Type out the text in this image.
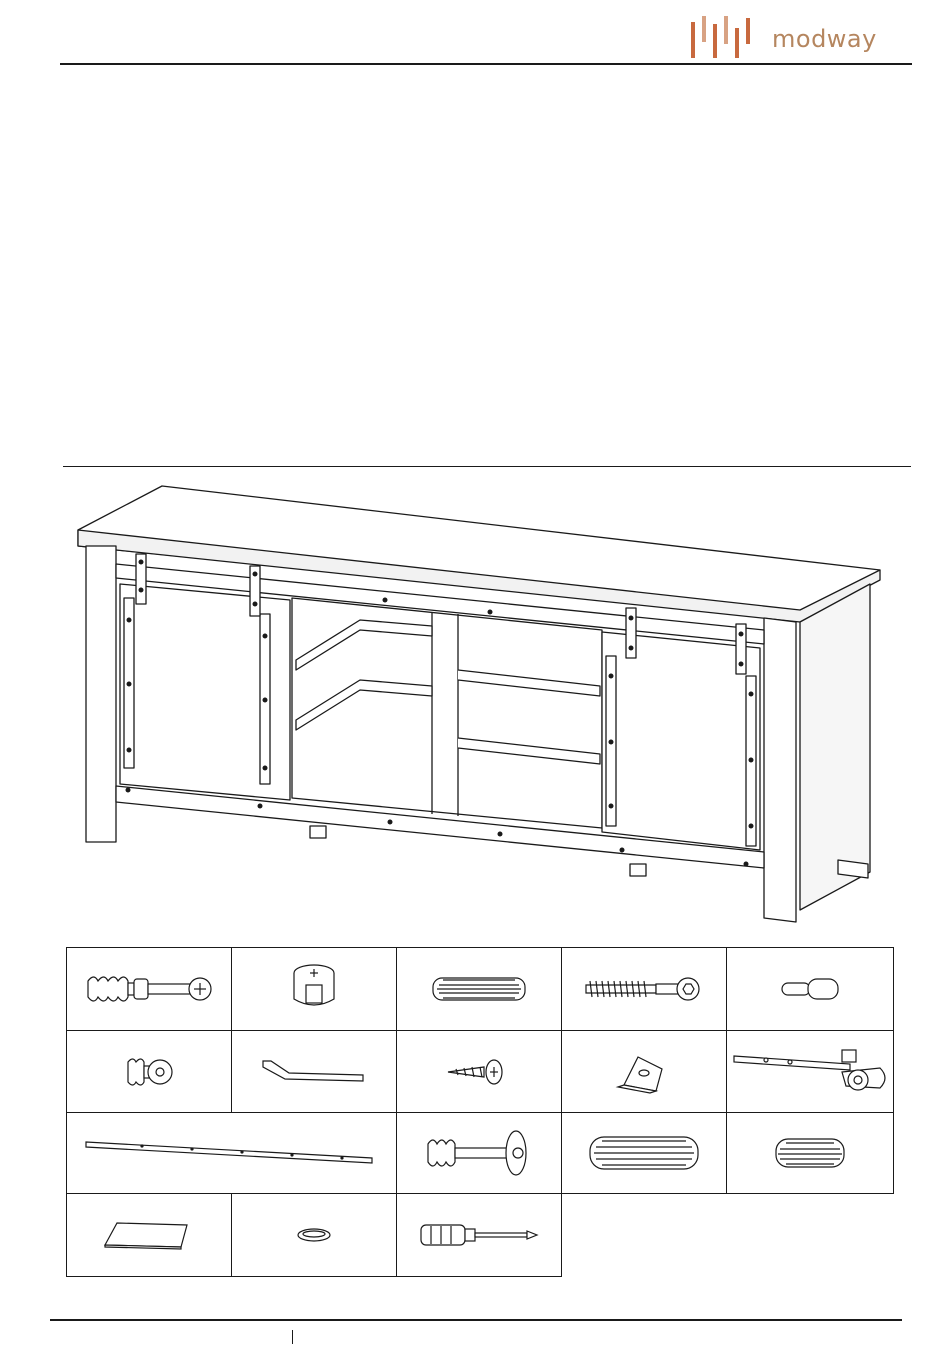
modway
